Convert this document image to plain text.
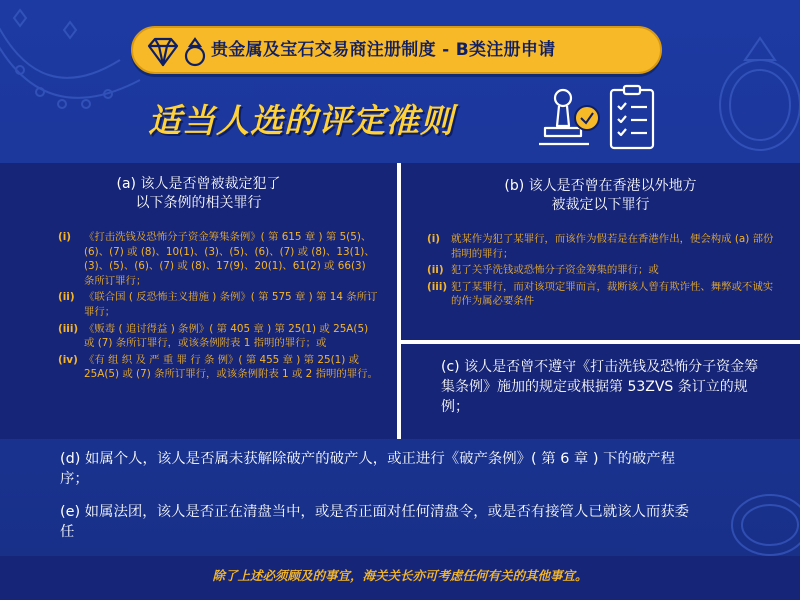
贵金属及宝石交易商注册制度 - B类注册申请
适当人选的评定准则
(a) 该人是否曾被裁定犯了
以下条例的相关罪行
(i) 《打击洗钱及恐怖分子资金筹集条例》( 第 615 章 ) 第 5(5)、(6)、(7) 或 (8)、10(1)、(3)、(5)、(6)、(7) 或 (8)、13(1)、(3)、(5)、(6)、(7) 或 (8)、17(9)、20(1)、61(2) 或 66(3) 条所订罪行；
(ii) 《联合国 ( 反恐怖主义措施 ) 条例》( 第 575 章 ) 第 14 条所订罪行；
(iii) 《贩毒 ( 追讨得益 ) 条例》( 第 405 章 ) 第 25(1) 或 25A(5) 或 (7) 条所订罪行，或该条例附表 1 指明的罪行；或
(iv) 《有 组 织 及 严 重 罪 行 条 例》( 第 455 章 ) 第 25(1) 或 25A(5) 或 (7) 条所订罪行，或该条例附表 1 或 2 指明的罪行。
(b) 该人是否曾在香港以外地方
被裁定以下罪行
(i) 就某作为犯了某罪行，而该作为假若是在香港作出，便会构成 (a) 部份指明的罪行；
(ii) 犯了关乎洗钱或恐怖分子资金筹集的罪行；或
(iii) 犯了某罪行，而对该项定罪而言，裁断该人曾有欺诈性、舞弊或不诚实的作为属必要条件
(c) 该人是否曾不遵守《打击洗钱及恐怖分子资金筹集条例》施加的规定或根据第 53ZVS 条订立的规例；
(d) 如属个人，该人是否属未获解除破产的破产人，或正进行《破产条例》( 第 6 章 ) 下的破产程序；
(e) 如属法团，该人是否正在清盘当中，或是否正面对任何清盘令，或是否有接管人已就该人而获委任
除了上述必须顾及的事宜，海关关长亦可考虑任何有关的其他事宜。
